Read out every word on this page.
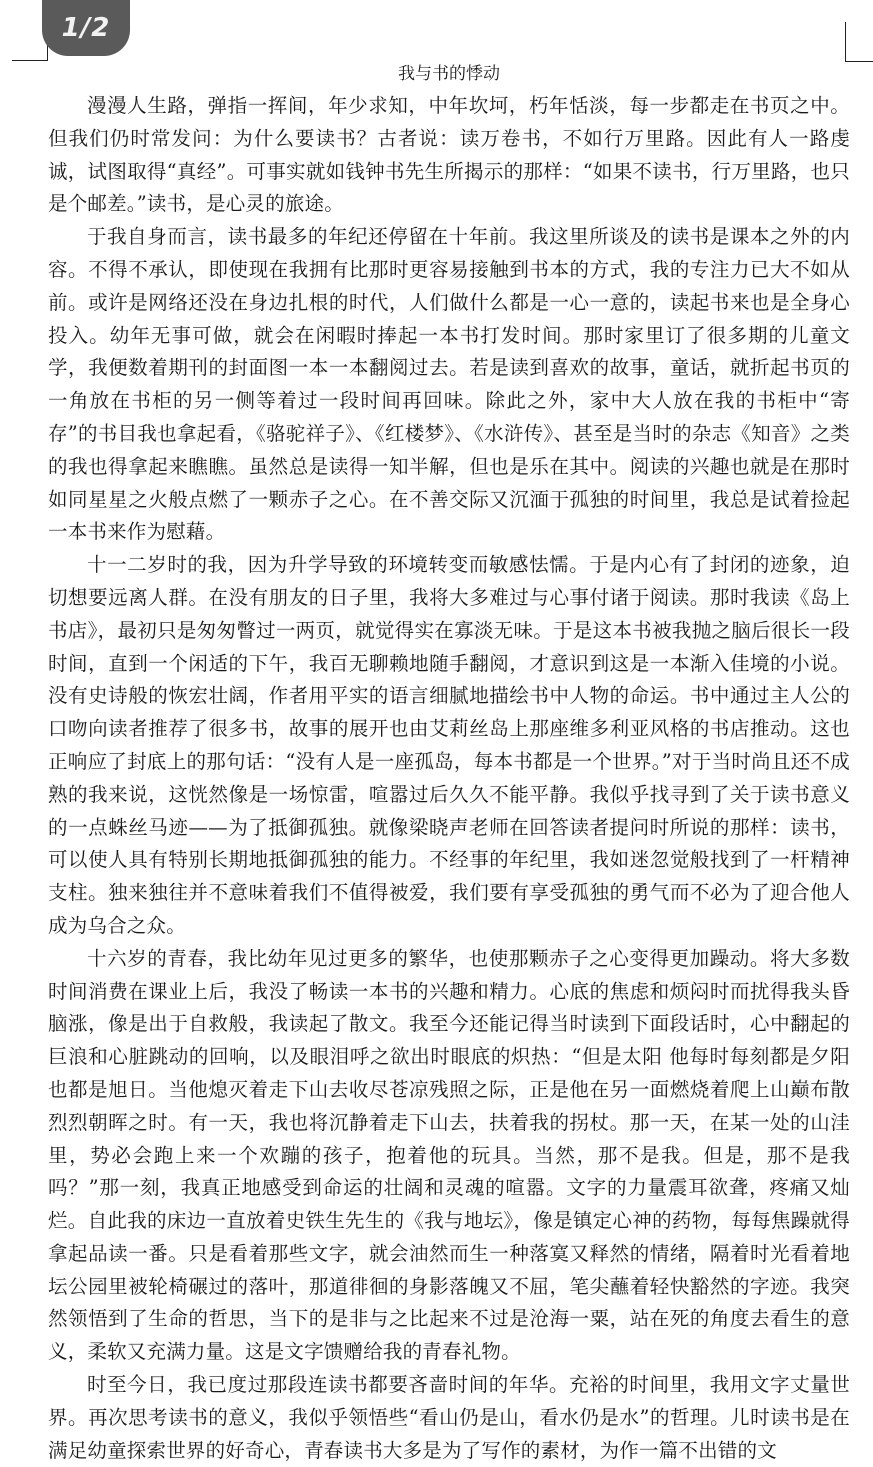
1/2
我与书的悸动

漫漫人生路，弹指一挥间，年少求知，中年坎坷，朽年恬淡，每一步都走在书页之中。但我们仍时常发问：为什么要读书？古者说：读万卷书，不如行万里路。因此有人一路虔诚，试图取得“真经”。可事实就如钱钟书先生所揭示的那样：“如果不读书，行万里路，也只是个邮差。”读书，是心灵的旅途。

于我自身而言，读书最多的年纪还停留在十年前。我这里所谈及的读书是课本之外的内容。不得不承认，即使现在我拥有比那时更容易接触到书本的方式，我的专注力已大不如从前。或许是网络还没在身边扎根的时代，人们做什么都是一心一意的，读起书来也是全身心投入。幼年无事可做，就会在闲暇时捧起一本书打发时间。那时家里订了很多期的儿童文学，我便数着期刊的封面图一本一本翻阅过去。若是读到喜欢的故事，童话，就折起书页的一角放在书柜的另一侧等着过一段时间再回味。除此之外，家中大人放在我的书柜中“寄存”的书目我也拿起看，《骆驼祥子》、《红楼梦》、《水浒传》、甚至是当时的杂志《知音》之类的我也得拿起来瞧瞧。虽然总是读得一知半解，但也是乐在其中。阅读的兴趣也就是在那时如同星星之火般点燃了一颗赤子之心。在不善交际又沉湎于孤独的时间里，我总是试着捡起一本书来作为慰藉。

十一二岁时的我，因为升学导致的环境转变而敏感怯懦。于是内心有了封闭的迹象，迫切想要远离人群。在没有朋友的日子里，我将大多难过与心事付诸于阅读。那时我读《岛上书店》，最初只是匆匆瞥过一两页，就觉得实在寡淡无味。于是这本书被我抛之脑后很长一段时间，直到一个闲适的下午，我百无聊赖地随手翻阅，才意识到这是一本渐入佳境的小说。没有史诗般的恢宏壮阔，作者用平实的语言细腻地描绘书中人物的命运。书中通过主人公的口吻向读者推荐了很多书，故事的展开也由艾莉丝岛上那座维多利亚风格的书店推动。这也正响应了封底上的那句话：“没有人是一座孤岛，每本书都是一个世界。”对于当时尚且还不成熟的我来说，这恍然像是一场惊雷，喧嚣过后久久不能平静。我似乎找寻到了关于读书意义的一点蛛丝马迹——为了抵御孤独。就像梁晓声老师在回答读者提问时所说的那样：读书，可以使人具有特别长期地抵御孤独的能力。不经事的年纪里，我如迷忽觉般找到了一杆精神支柱。独来独往并不意味着我们不值得被爱，我们要有享受孤独的勇气而不必为了迎合他人成为乌合之众。

十六岁的青春，我比幼年见过更多的繁华，也使那颗赤子之心变得更加躁动。将大多数时间消费在课业上后，我没了畅读一本书的兴趣和精力。心底的焦虑和烦闷时而扰得我头昏脑涨，像是出于自救般，我读起了散文。我至今还能记得当时读到下面段话时，心中翻起的巨浪和心脏跳动的回响，以及眼泪呼之欲出时眼底的炽热：“但是太阳 他每时每刻都是夕阳也都是旭日。当他熄灭着走下山去收尽苍凉残照之际，正是他在另一面燃烧着爬上山巅布散烈烈朝晖之时。有一天，我也将沉静着走下山去，扶着我的拐杖。那一天，在某一处的山洼里，势必会跑上来一个欢蹦的孩子，抱着他的玩具。当然，那不是我。但是，那不是我吗？”那一刻，我真正地感受到命运的壮阔和灵魂的喧嚣。文字的力量震耳欲聋，疼痛又灿烂。自此我的床边一直放着史铁生先生的《我与地坛》，像是镇定心神的药物，每每焦躁就得拿起品读一番。只是看着那些文字，就会油然而生一种落寞又释然的情绪，隔着时光看着地坛公园里被轮椅碾过的落叶，那道徘徊的身影落魄又不屈，笔尖蘸着轻快豁然的字迹。我突然领悟到了生命的哲思，当下的是非与之比起来不过是沧海一粟，站在死的角度去看生的意义，柔软又充满力量。这是文字馈赠给我的青春礼物。

时至今日，我已度过那段连读书都要吝啬时间的年华。充裕的时间里，我用文字丈量世界。再次思考读书的意义，我似乎领悟些“看山仍是山，看水仍是水”的哲理。儿时读书是在满足幼童探索世界的好奇心，青春读书大多是为了写作的素材，为作一篇不出错的文
